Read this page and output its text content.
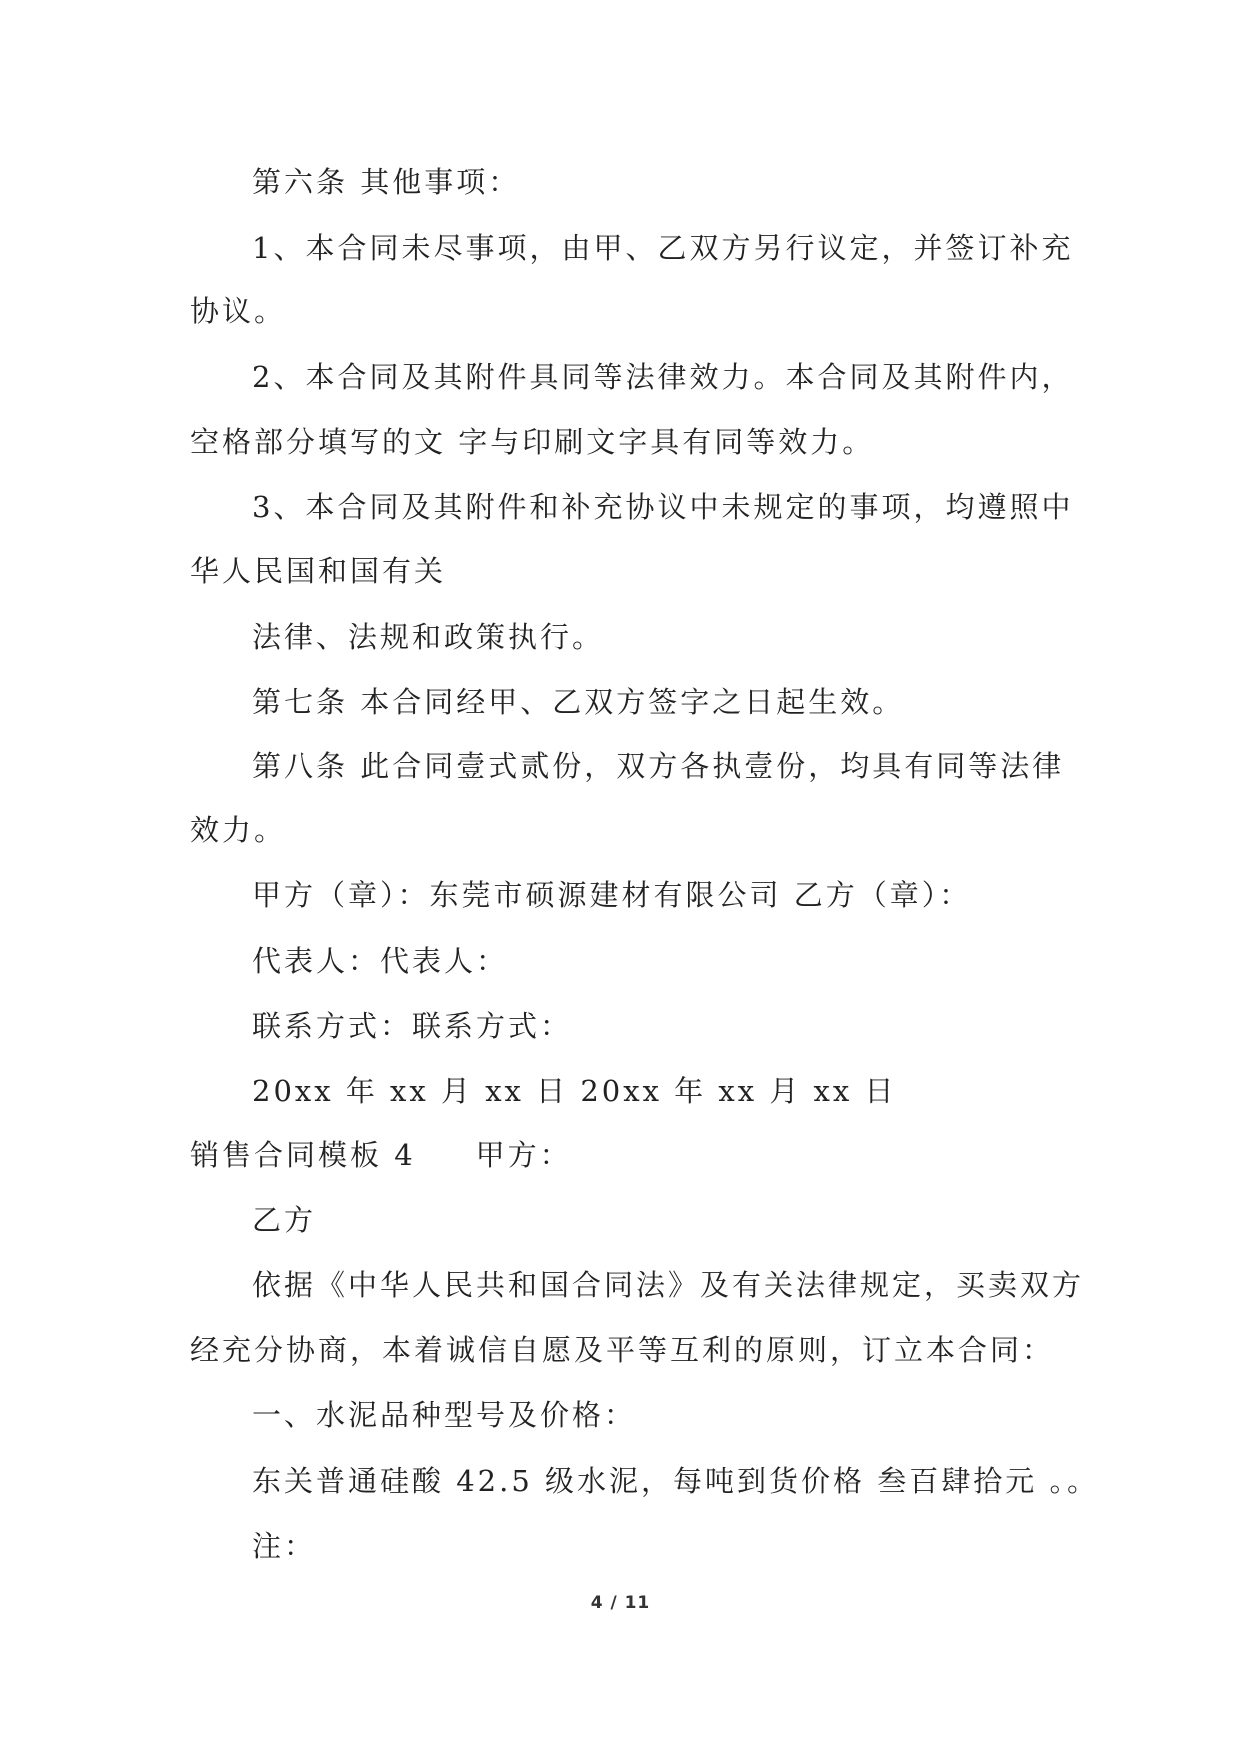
第六条 其他事项：
1、本合同未尽事项，由甲、乙双方另行议定，并签订补充
协议。
2、本合同及其附件具同等法律效力。本合同及其附件内，
空格部分填写的文 字与印刷文字具有同等效力。
3、本合同及其附件和补充协议中未规定的事项，均遵照中
华人民国和国有关
法律、法规和政策执行。
第七条 本合同经甲、乙双方签字之日起生效。
第八条 此合同壹式贰份，双方各执壹份，均具有同等法律
效力。
甲方（章）：东莞市硕源建材有限公司 乙方（章）：
代表人：代表人：
联系方式：联系方式：
20xx 年 xx 月 xx 日 20xx 年 xx 月 xx 日
销售合同模板 4 甲方：
乙方
依据《中华人民共和国合同法》及有关法律规定，买卖双方
经充分协商，本着诚信自愿及平等互利的原则，订立本合同：
一、水泥品种型号及价格：
东关普通硅酸 42.5 级水泥，每吨到货价格 叁百肆拾元 。。
注：
4 / 11
